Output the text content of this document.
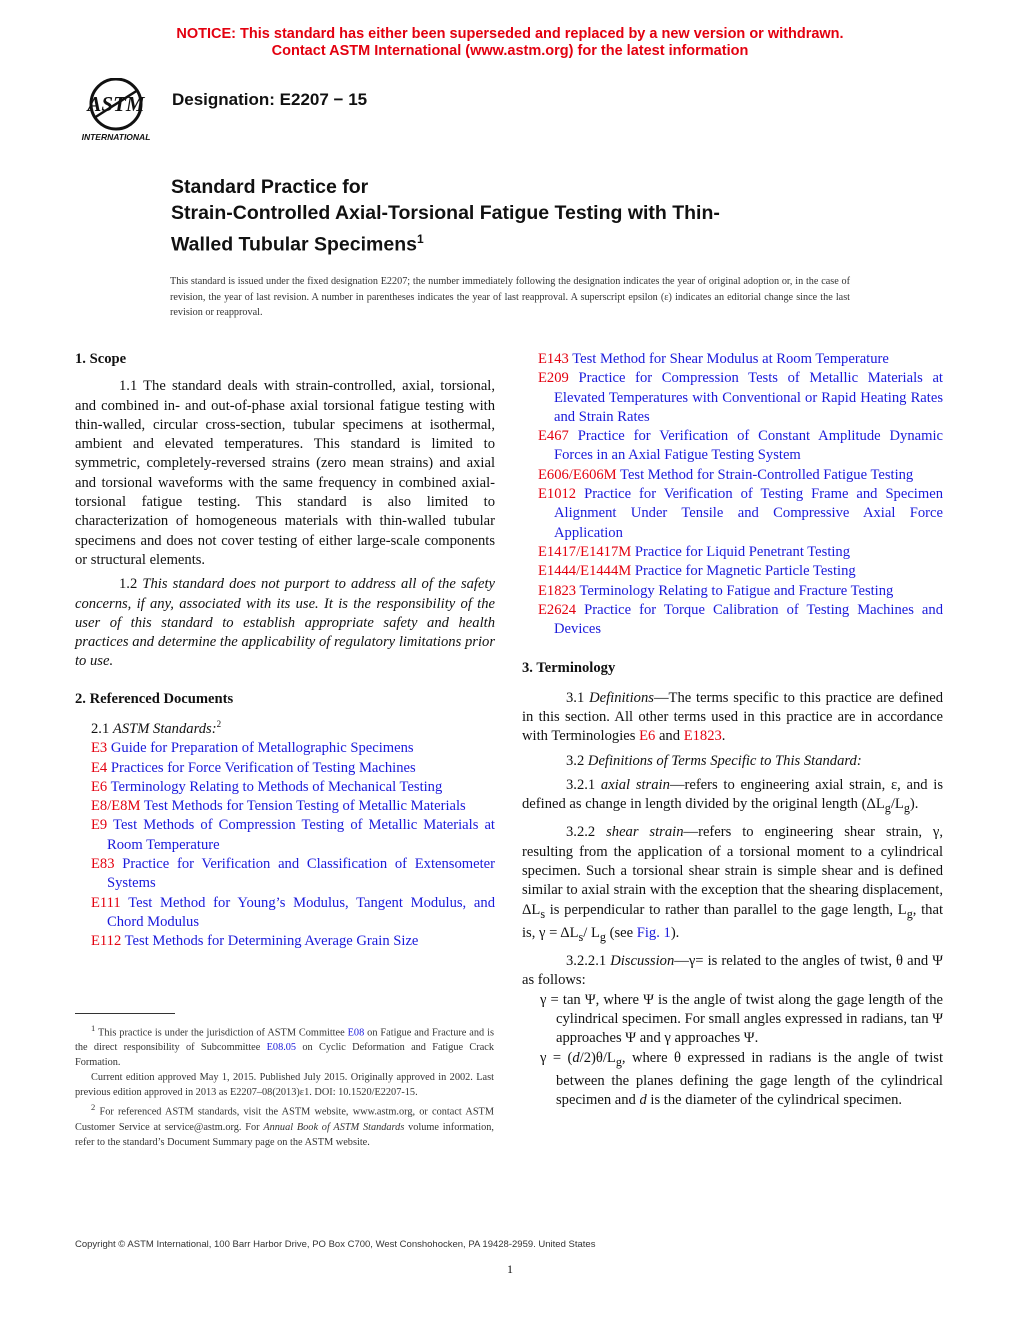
NOTICE: This standard has either been superseded and replaced by a new version or withdrawn.
Contact ASTM International (www.astm.org) for the latest information
ASTM
INTERNATIONAL
Designation: E2207 − 15
Standard Practice for
Strain-Controlled Axial-Torsional Fatigue Testing with Thin-
Walled Tubular Specimens$^1$
This standard is issued under the fixed designation E2207; the number immediately following the designation indicates the year of original adoption or, in the case of revision, the year of last revision. A number in parentheses indicates the year of last reapproval. A superscript epsilon (ε) indicates an editorial change since the last revision or reapproval.

1. Scope

1.1 The standard deals with strain-controlled, axial, torsional, and combined in- and out-of-phase axial torsional fatigue testing with thin-walled, circular cross-section, tubular specimens at isothermal, ambient and elevated temperatures. This standard is limited to symmetric, completely-reversed strains (zero mean strains) and axial and torsional waveforms with the same frequency in combined axial-torsional fatigue testing. This standard is also limited to characterization of homogeneous materials with thin-walled tubular specimens and does not cover testing of either large-scale components or structural elements.

1.2 This standard does not purport to address all of the safety concerns, if any, associated with its use. It is the responsibility of the user of this standard to establish appropriate safety and health practices and determine the applicability of regulatory limitations prior to use.

2. Referenced Documents

2.1 ASTM Standards:$^2$

E3 Guide for Preparation of Metallographic Specimens

E4 Practices for Force Verification of Testing Machines

E6 Terminology Relating to Methods of Mechanical Testing

E8/E8M Test Methods for Tension Testing of Metallic Materials

E9 Test Methods of Compression Testing of Metallic Materials at Room Temperature

E83 Practice for Verification and Classification of Extensometer Systems

E111 Test Method for Young’s Modulus, Tangent Modulus, and Chord Modulus

E112 Test Methods for Determining Average Grain Size

E143 Test Method for Shear Modulus at Room Temperature

E209 Practice for Compression Tests of Metallic Materials at Elevated Temperatures with Conventional or Rapid Heating Rates and Strain Rates

E467 Practice for Verification of Constant Amplitude Dynamic Forces in an Axial Fatigue Testing System

E606/E606M Test Method for Strain-Controlled Fatigue Testing

E1012 Practice for Verification of Testing Frame and Specimen Alignment Under Tensile and Compressive Axial Force Application

E1417/E1417M Practice for Liquid Penetrant Testing

E1444/E1444M Practice for Magnetic Particle Testing

E1823 Terminology Relating to Fatigue and Fracture Testing

E2624 Practice for Torque Calibration of Testing Machines and Devices

3. Terminology

3.1 Definitions—The terms specific to this practice are defined in this section. All other terms used in this practice are in accordance with Terminologies E6 and E1823.

3.2 Definitions of Terms Specific to This Standard:

3.2.1 axial strain—refers to engineering axial strain, ε, and is defined as change in length divided by the original length $(\Delta L_g/L_g)$.

3.2.2 shear strain—refers to engineering shear strain, γ, resulting from the application of a torsional moment to a cylindrical specimen. Such a torsional shear strain is simple shear and is defined similar to axial strain with the exception that the shearing displacement, $\Delta L_s$ is perpendicular to rather than parallel to the gage length, $L_g$, that is, $\gamma = \Delta L_s/$ $L_g$ (see Fig. 1).

3.2.2.1 Discussion—γ= is related to the angles of twist, θ and Ψ as follows:

γ = tan Ψ, where Ψ is the angle of twist along the gage length of the cylindrical specimen. For small angles expressed in radians, tan Ψ approaches Ψ and γ approaches Ψ.

$\gamma = (d/2)\theta/L_g$, where θ expressed in radians is the angle of twist between the planes defining the gage length of the cylindrical specimen and d is the diameter of the cylindrical specimen.

$^1$ This practice is under the jurisdiction of ASTM Committee E08 on Fatigue and Fracture and is the direct responsibility of Subcommittee E08.05 on Cyclic Deformation and Fatigue Crack Formation.

Current edition approved May 1, 2015. Published July 2015. Originally approved in 2002. Last previous edition approved in 2013 as E2207–08(2013)ε1. DOI: 10.1520/E2207-15.

$^2$ For referenced ASTM standards, visit the ASTM website, www.astm.org, or contact ASTM Customer Service at service@astm.org. For Annual Book of ASTM Standards volume information, refer to the standard’s Document Summary page on the ASTM website.

Copyright © ASTM International, 100 Barr Harbor Drive, PO Box C700, West Conshohocken, PA 19428-2959. United States
1
